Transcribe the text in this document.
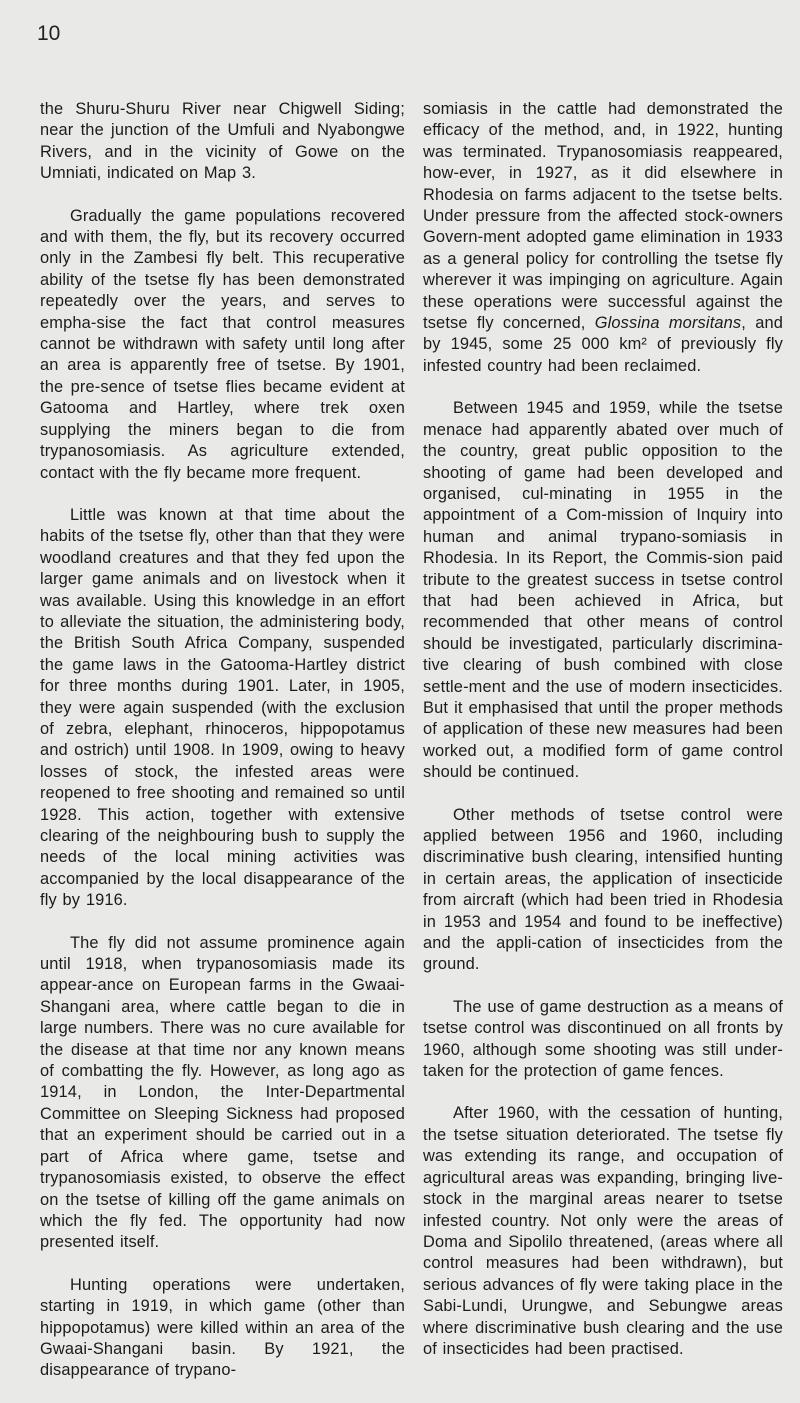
10

the Shuru-Shuru River near Chigwell Siding; near the junction of the Umfuli and Nyabongwe Rivers, and in the vicinity of Gowe on the Umniati, indicated on Map 3.

Gradually the game populations recovered and with them, the fly, but its recovery occurred only in the Zambesi fly belt. This recuperative ability of the tsetse fly has been demonstrated repeatedly over the years, and serves to empha-sise the fact that control measures cannot be withdrawn with safety until long after an area is apparently free of tsetse. By 1901, the pre-sence of tsetse flies became evident at Gatooma and Hartley, where trek oxen supplying the miners began to die from trypanosomiasis. As agriculture extended, contact with the fly became more frequent.

Little was known at that time about the habits of the tsetse fly, other than that they were woodland creatures and that they fed upon the larger game animals and on livestock when it was available. Using this knowledge in an effort to alleviate the situation, the administering body, the British South Africa Company, suspended the game laws in the Gatooma-Hartley district for three months during 1901. Later, in 1905, they were again suspended (with the exclusion of zebra, elephant, rhinoceros, hippopotamus and ostrich) until 1908. In 1909, owing to heavy losses of stock, the infested areas were reopened to free shooting and remained so until 1928. This action, together with extensive clearing of the neighbouring bush to supply the needs of the local mining activities was accompanied by the local disappearance of the fly by 1916.

The fly did not assume prominence again until 1918, when trypanosomiasis made its appear-ance on European farms in the Gwaai-Shangani area, where cattle began to die in large numbers. There was no cure available for the disease at that time nor any known means of combatting the fly. However, as long ago as 1914, in London, the Inter-Departmental Committee on Sleeping Sickness had proposed that an experiment should be carried out in a part of Africa where game, tsetse and trypanosomiasis existed, to observe the effect on the tsetse of killing off the game animals on which the fly fed. The opportunity had now presented itself.

Hunting operations were undertaken, starting in 1919, in which game (other than hippopotamus) were killed within an area of the Gwaai-Shangani basin. By 1921, the disappearance of trypano-

somiasis in the cattle had demonstrated the efficacy of the method, and, in 1922, hunting was terminated. Trypanosomiasis reappeared, how-ever, in 1927, as it did elsewhere in Rhodesia on farms adjacent to the tsetse belts. Under pressure from the affected stock-owners Govern-ment adopted game elimination in 1933 as a general policy for controlling the tsetse fly wherever it was impinging on agriculture. Again these operations were successful against the tsetse fly concerned, Glossina morsitans, and by 1945, some 25 000 km² of previously fly infested country had been reclaimed.

Between 1945 and 1959, while the tsetse menace had apparently abated over much of the country, great public opposition to the shooting of game had been developed and organised, cul-minating in 1955 in the appointment of a Com-mission of Inquiry into human and animal trypano-somiasis in Rhodesia. In its Report, the Commis-sion paid tribute to the greatest success in tsetse control that had been achieved in Africa, but recommended that other means of control should be investigated, particularly discrimina-tive clearing of bush combined with close settle-ment and the use of modern insecticides. But it emphasised that until the proper methods of application of these new measures had been worked out, a modified form of game control should be continued.

Other methods of tsetse control were applied between 1956 and 1960, including discriminative bush clearing, intensified hunting in certain areas, the application of insecticide from aircraft (which had been tried in Rhodesia in 1953 and 1954 and found to be ineffective) and the appli-cation of insecticides from the ground.

The use of game destruction as a means of tsetse control was discontinued on all fronts by 1960, although some shooting was still under-taken for the protection of game fences.

After 1960, with the cessation of hunting, the tsetse situation deteriorated. The tsetse fly was extending its range, and occupation of agricultural areas was expanding, bringing live-stock in the marginal areas nearer to tsetse infested country. Not only were the areas of Doma and Sipolilo threatened, (areas where all control measures had been withdrawn), but serious advances of fly were taking place in the Sabi-Lundi, Urungwe, and Sebungwe areas where discriminative bush clearing and the use of insecticides had been practised.
